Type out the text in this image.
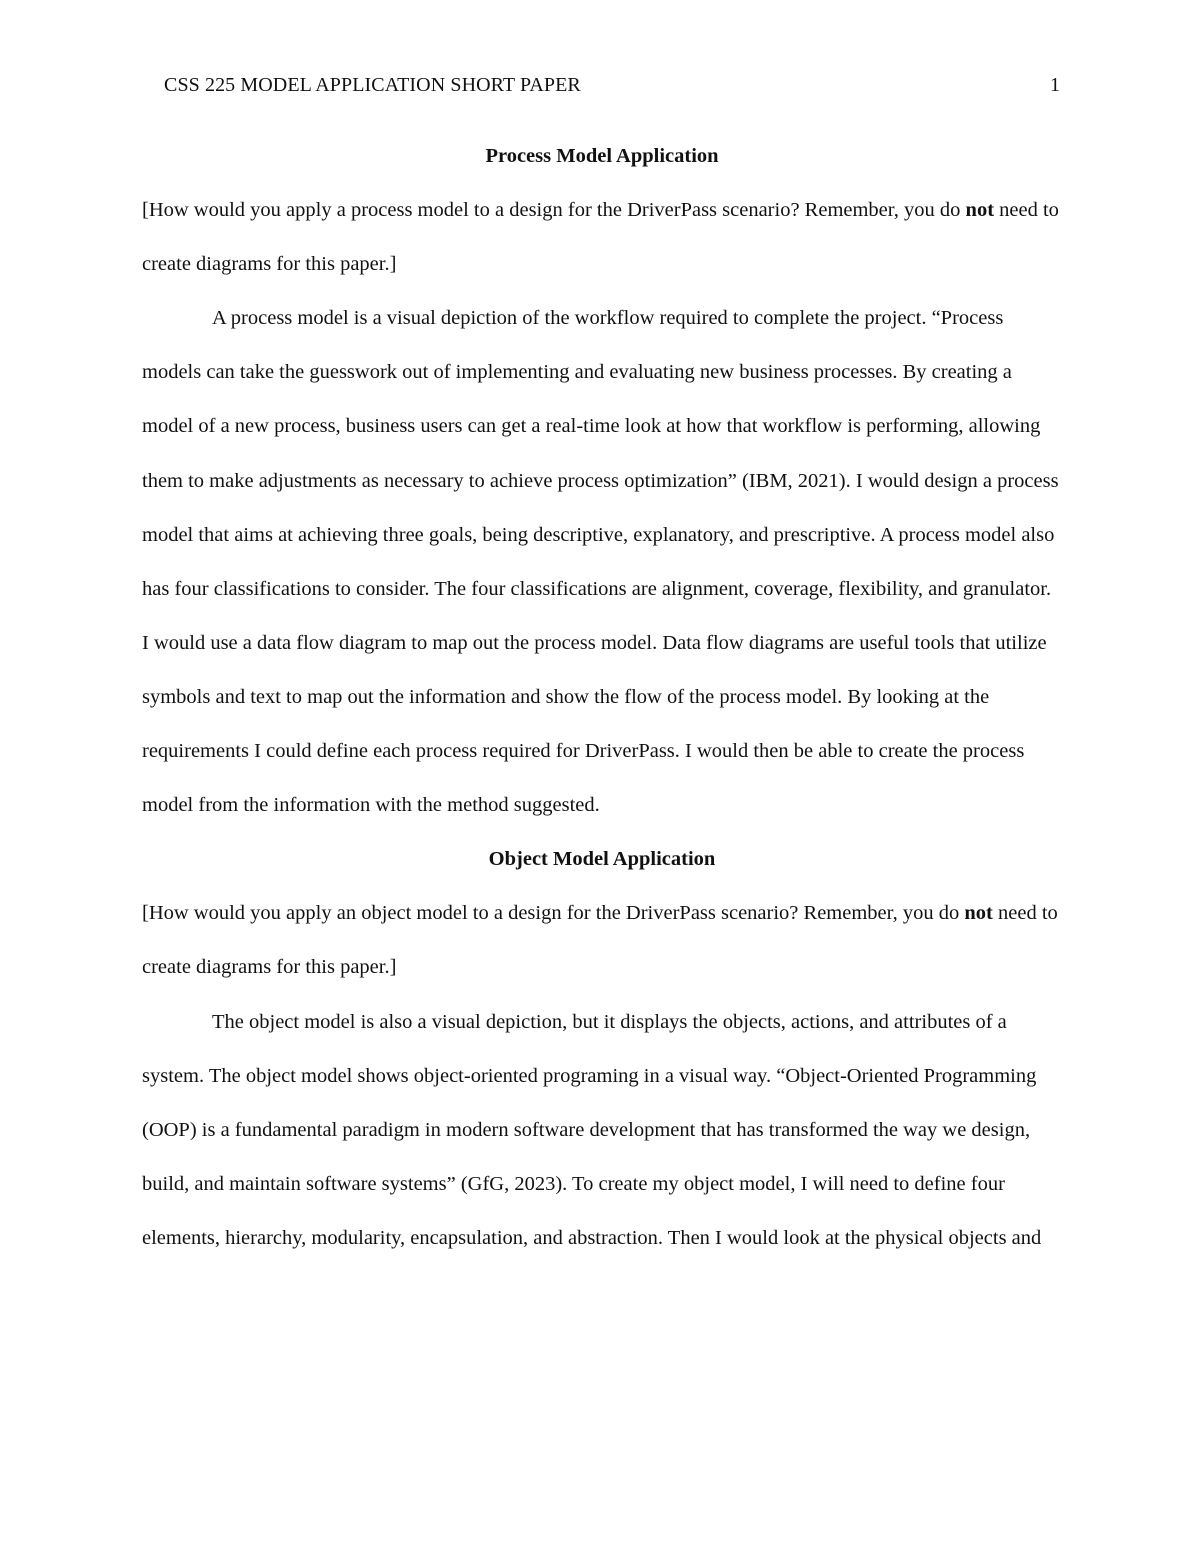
CSS 225 MODEL APPLICATION SHORT PAPER	1

Process Model Application

[How would you apply a process model to a design for the DriverPass scenario? Remember, you do not need to create diagrams for this paper.]

A process model is a visual depiction of the workflow required to complete the project. “Process models can take the guesswork out of implementing and evaluating new business processes. By creating a model of a new process, business users can get a real-time look at how that workflow is performing, allowing them to make adjustments as necessary to achieve process optimization” (IBM, 2021). I would design a process model that aims at achieving three goals, being descriptive, explanatory, and prescriptive. A process model also has four classifications to consider. The four classifications are alignment, coverage, flexibility, and granulator. I would use a data flow diagram to map out the process model. Data flow diagrams are useful tools that utilize symbols and text to map out the information and show the flow of the process model. By looking at the requirements I could define each process required for DriverPass. I would then be able to create the process model from the information with the method suggested.

Object Model Application

[How would you apply an object model to a design for the DriverPass scenario? Remember, you do not need to create diagrams for this paper.]

The object model is also a visual depiction, but it displays the objects, actions, and attributes of a system. The object model shows object-oriented programing in a visual way. “Object-Oriented Programming (OOP) is a fundamental paradigm in modern software development that has transformed the way we design, build, and maintain software systems” (GfG, 2023). To create my object model, I will need to define four elements, hierarchy, modularity, encapsulation, and abstraction. Then I would look at the physical objects and
